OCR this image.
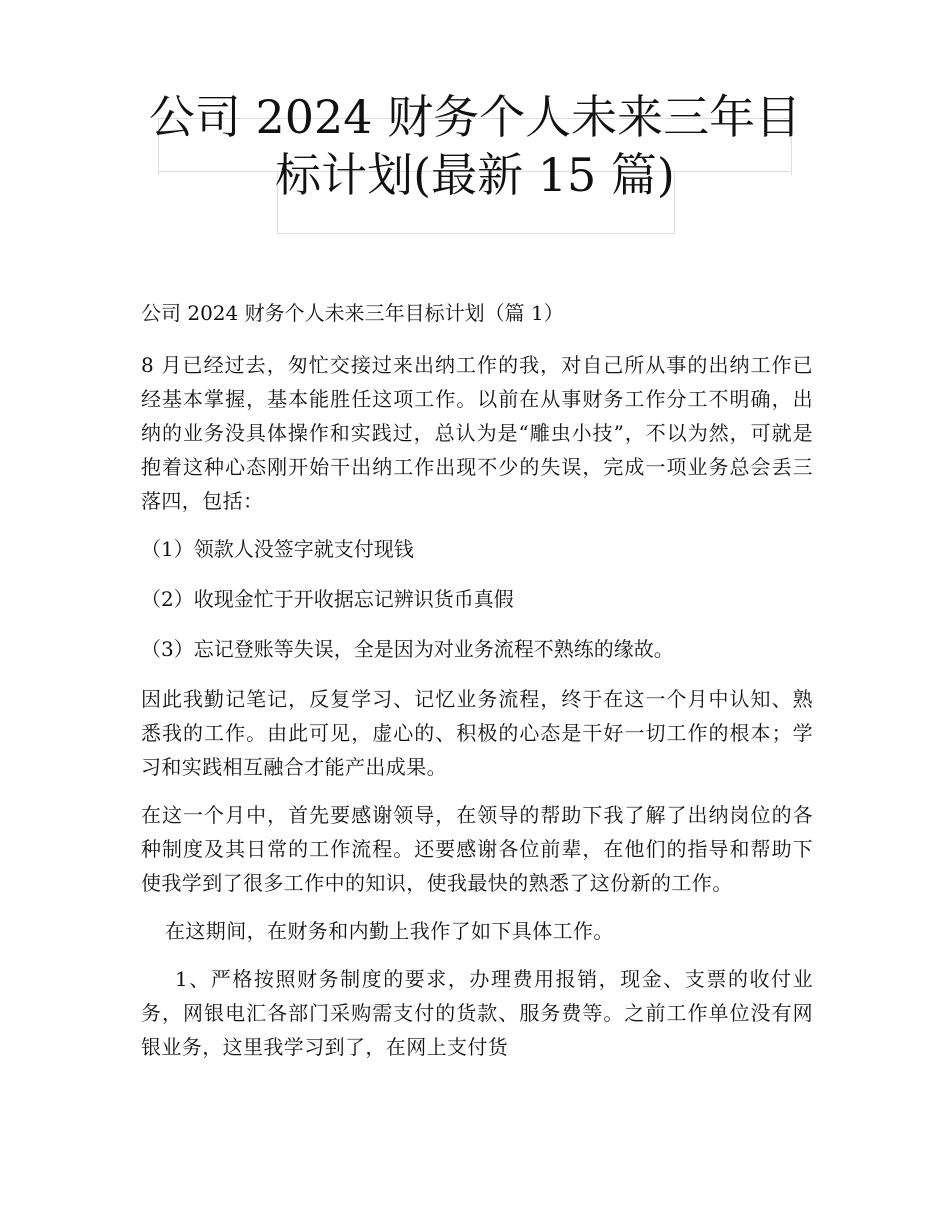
公司 2024 财务个人未来三年目
标计划(最新 15 篇)
公司 2024 财务个人未来三年目标计划（篇 1）

8 月已经过去，匆忙交接过来出纳工作的我，对自己所从事的出纳工作已经基本掌握，基本能胜任这项工作。以前在从事财务工作分工不明确，出纳的业务没具体操作和实践过，总认为是“雕虫小技”，不以为然，可就是抱着这种心态刚开始干出纳工作出现不少的失误，完成一项业务总会丢三落四，包括：

（1）领款人没签字就支付现钱

（2）收现金忙于开收据忘记辨识货币真假

（3）忘记登账等失误，全是因为对业务流程不熟练的缘故。

因此我勤记笔记，反复学习、记忆业务流程，终于在这一个月中认知、熟悉我的工作。由此可见，虚心的、积极的心态是干好一切工作的根本；学习和实践相互融合才能产出成果。

在这一个月中，首先要感谢领导，在领导的帮助下我了解了出纳岗位的各种制度及其日常的工作流程。还要感谢各位前辈，在他们的指导和帮助下使我学到了很多工作中的知识，使我最快的熟悉了这份新的工作。

在这期间，在财务和内勤上我作了如下具体工作。

1、严格按照财务制度的要求，办理费用报销，现金、支票的收付业务，网银电汇各部门采购需支付的货款、服务费等。之前工作单位没有网银业务，这里我学习到了，在网上支付货
